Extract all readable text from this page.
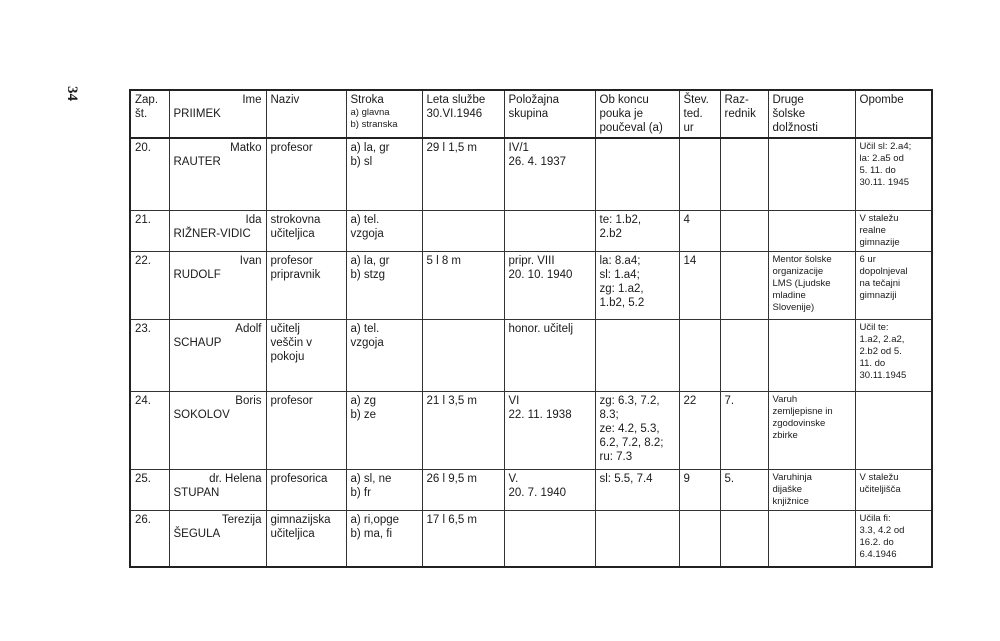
34	Zap.
št.	Ime
PRIIMEK	Naziv	Stroka
a) glavna
b) stranska	Leta službe
30.VI.1946	Položajna
skupina	Ob koncu
pouka je
poučeval (a)	Štev.
ted.
ur	Raz-
rednik	Druge
šolske
dolžnosti	Opombe
20.	Matko
RAUTER	profesor	a) la, gr
b) sl	29 l 1,5 m	IV/1
26. 4. 1937					Učil sl: 2.a4;
la: 2.a5 od
5. 11. do
30.11. 1945

21.	Ida
RIŽNER-VIDIC	strokovna
učiteljica	a) tel.
vzgoja			te: 1.b2,
2.b2	4			V staležu
realne
gimnazije

22.	Ivan
RUDOLF	profesor
pripravnik	a) la, gr
b) stzg	5 l 8 m	pripr. VIII
20. 10. 1940	la: 8.a4;
sl: 1.a4;
zg: 1.a2,
1.b2, 5.2	14		Mentor šolske
organizacije
LMS (Ljudske
mladine
Slovenije)	6 ur
dopolnjeval
na tečajni
gimnaziji

23.	Adolf
SCHAUP	učitelj
veščin v
pokoju	a) tel.
vzgoja		honor. učitelj					Učil te:
1.a2, 2.a2,
2.b2 od 5.
11. do
30.11.1945

24.	Boris
SOKOLOV	profesor	a) zg
b) ze	21 l 3,5 m	VI
22. 11. 1938	zg: 6.3, 7.2,
8.3;
ze: 4.2, 5.3,
6.2, 7.2, 8.2;
ru: 7.3	22	7.	Varuh
zemljepisne in
zgodovinske
zbirke	

25.	dr. Helena
STUPAN	profesorica	a) sl, ne
b) fr	26 l 9,5 m	V.
20. 7. 1940	sl: 5.5, 7.4	9	5.	Varuhinja
dijaške
knjižnice	V staležu
učiteljišča

26.	Terezija
ŠEGULA	gimnazijska
učiteljica	a) ri,opge
b) ma, fi	17 l 6,5 m						Učila fi:
3.3, 4.2 od
16.2. do
6.4.1946
